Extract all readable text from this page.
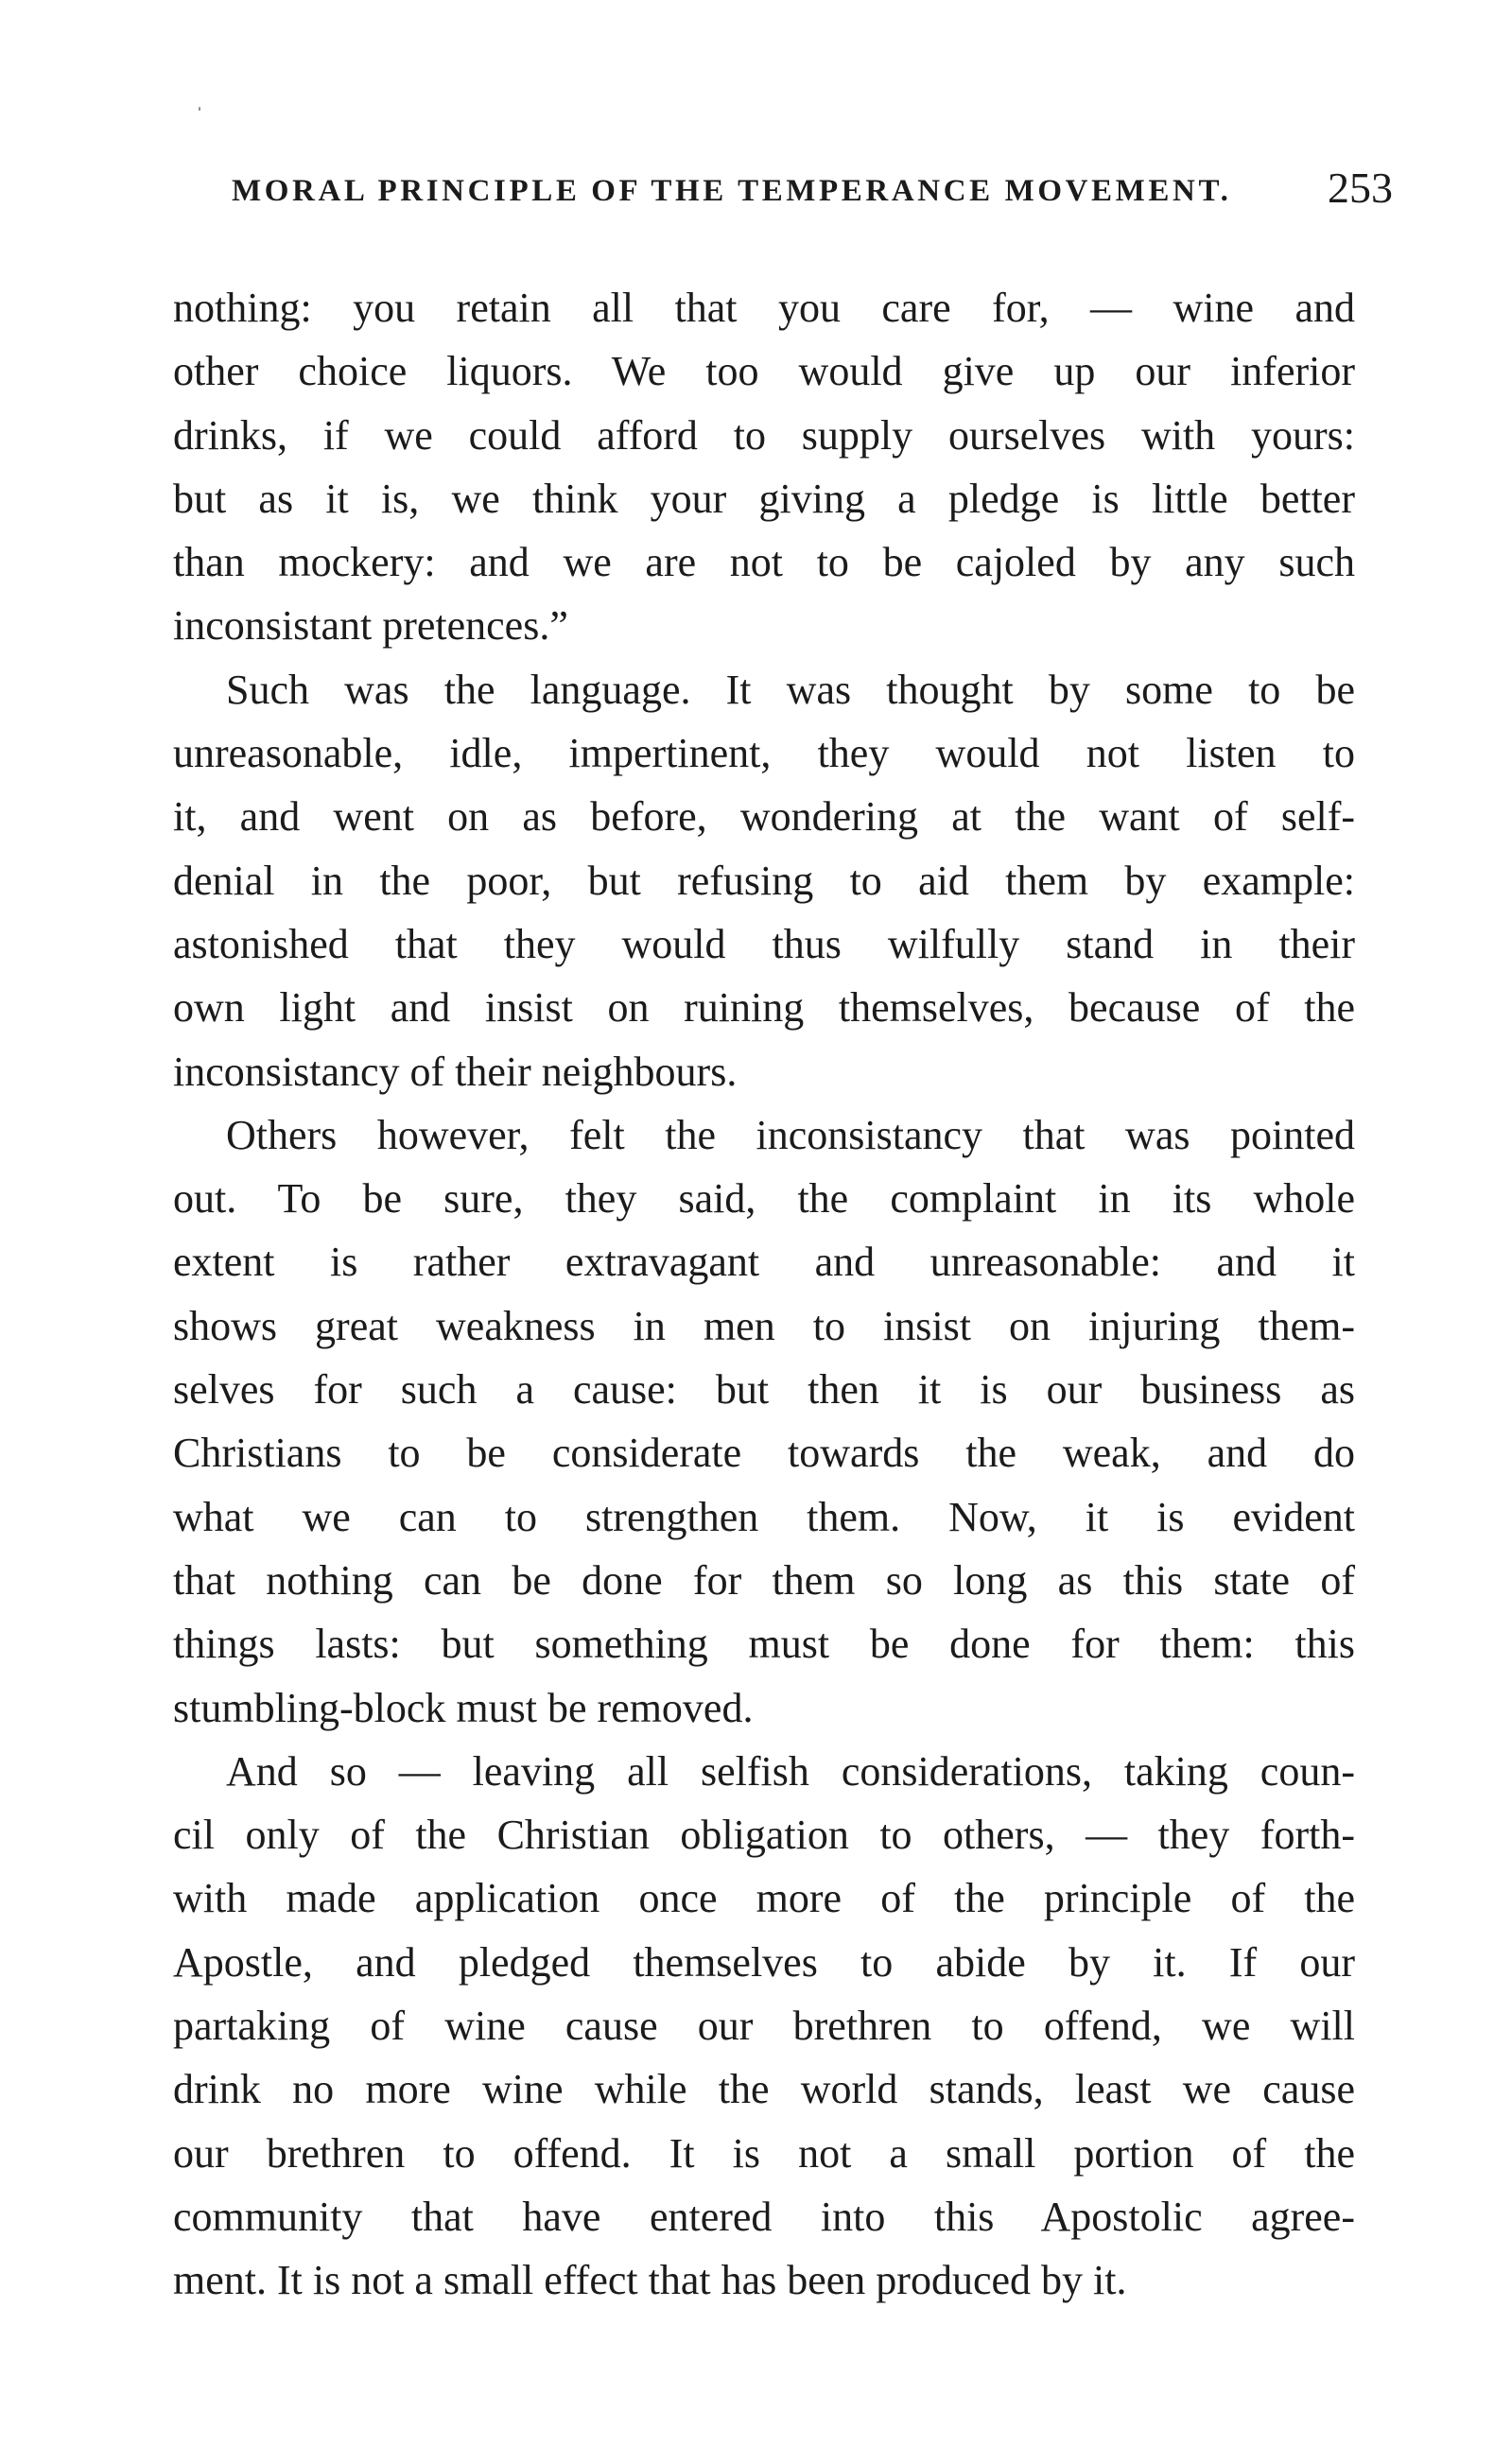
MORAL PRINCIPLE OF THE TEMPERANCE MOVEMENT. 253
nothing: you retain all that you care for, — wine and
other choice liquors. We too would give up our inferior
drinks, if we could afford to supply ourselves with yours:
but as it is, we think your giving a pledge is little better
than mockery: and we are not to be cajoled by any such
inconsistant pretences.”
Such was the language. It was thought by some to be
unreasonable, idle, impertinent, they would not listen to
it, and went on as before, wondering at the want of self-
denial in the poor, but refusing to aid them by example:
astonished that they would thus wilfully stand in their
own light and insist on ruining themselves, because of the
inconsistancy of their neighbours.
Others however, felt the inconsistancy that was pointed
out. To be sure, they said, the complaint in its whole
extent is rather extravagant and unreasonable: and it
shows great weakness in men to insist on injuring them-
selves for such a cause: but then it is our business as
Christians to be considerate towards the weak, and do
what we can to strengthen them. Now, it is evident
that nothing can be done for them so long as this state of
things lasts: but something must be done for them: this
stumbling-block must be removed.
And so — leaving all selfish considerations, taking coun-
cil only of the Christian obligation to others, — they forth-
with made application once more of the principle of the
Apostle, and pledged themselves to abide by it. If our
partaking of wine cause our brethren to offend, we will
drink no more wine while the world stands, least we cause
our brethren to offend. It is not a small portion of the
community that have entered into this Apostolic agree-
ment. It is not a small effect that has been produced by it.
ˈ
